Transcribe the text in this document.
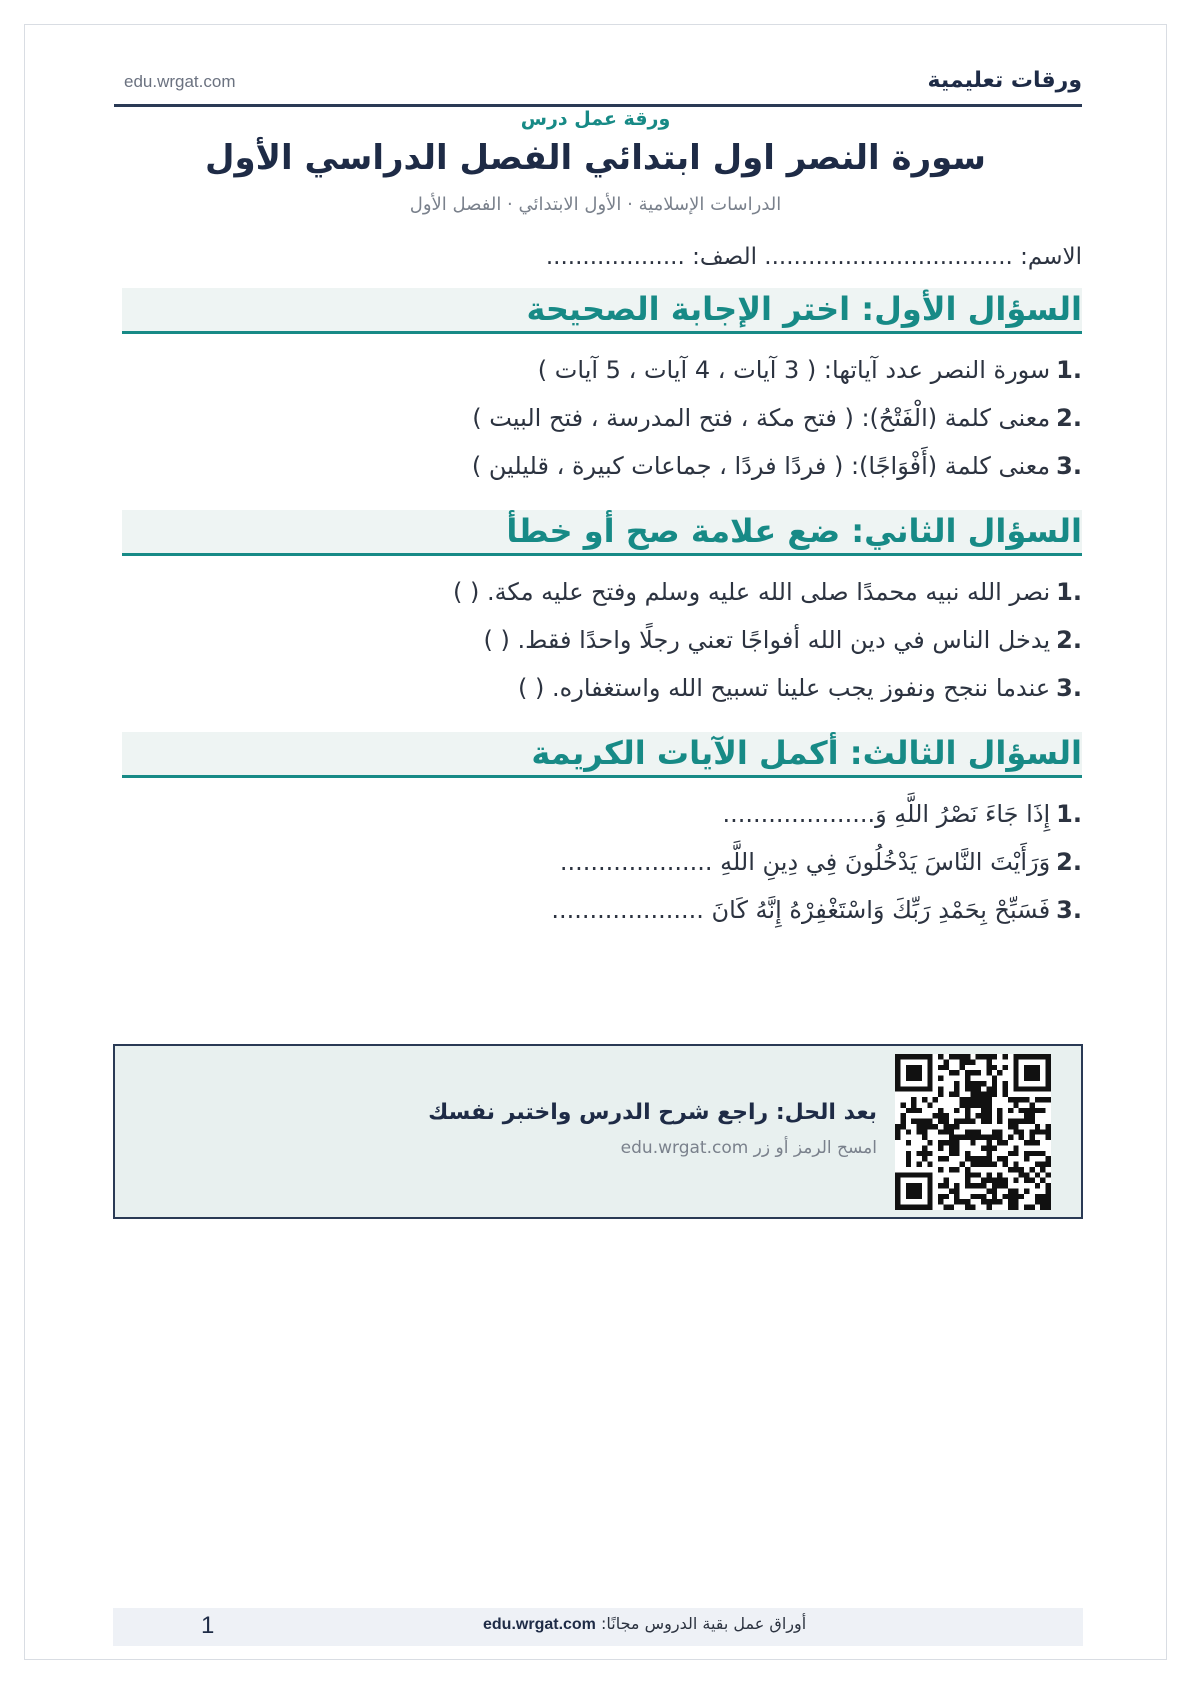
ورقات تعليمية
edu.wrgat.com
ورقة عمل درس
سورة النصر اول ابتدائي الفصل الدراسي الأول
الدراسات الإسلامية · الأول الابتدائي · الفصل الأول
الاسم: .................................. الصف: ...................
السؤال الأول: اختر الإجابة الصحيحة
1.
سورة النصر عدد آياتها: ( 3 آيات ، 4 آيات ، 5 آيات )
2.
معنى كلمة (الْفَتْحُ): ( فتح مكة ، فتح المدرسة ، فتح البيت )
3.
معنى كلمة (أَفْوَاجًا): ( فردًا فردًا ، جماعات كبيرة ، قليلين )
السؤال الثاني: ضع علامة صح أو خطأ
1.
نصر الله نبيه محمدًا صلى الله عليه وسلم وفتح عليه مكة. ( )
2.
يدخل الناس في دين الله أفواجًا تعني رجلًا واحدًا فقط. ( )
3.
عندما ننجح ونفوز يجب علينا تسبيح الله واستغفاره. ( )
السؤال الثالث: أكمل الآيات الكريمة
1.
إِذَا جَاءَ نَصْرُ اللَّهِ وَ....................
2.
وَرَأَيْتَ النَّاسَ يَدْخُلُونَ فِي دِينِ اللَّهِ ....................
3.
فَسَبِّحْ بِحَمْدِ رَبِّكَ وَاسْتَغْفِرْهُ إِنَّهُ كَانَ ....................
بعد الحل: راجع شرح الدرس واختبر نفسك
امسح الرمز أو زر edu.wrgat.com
1	أوراق عمل بقية الدروس مجانًا: edu.wrgat.com
